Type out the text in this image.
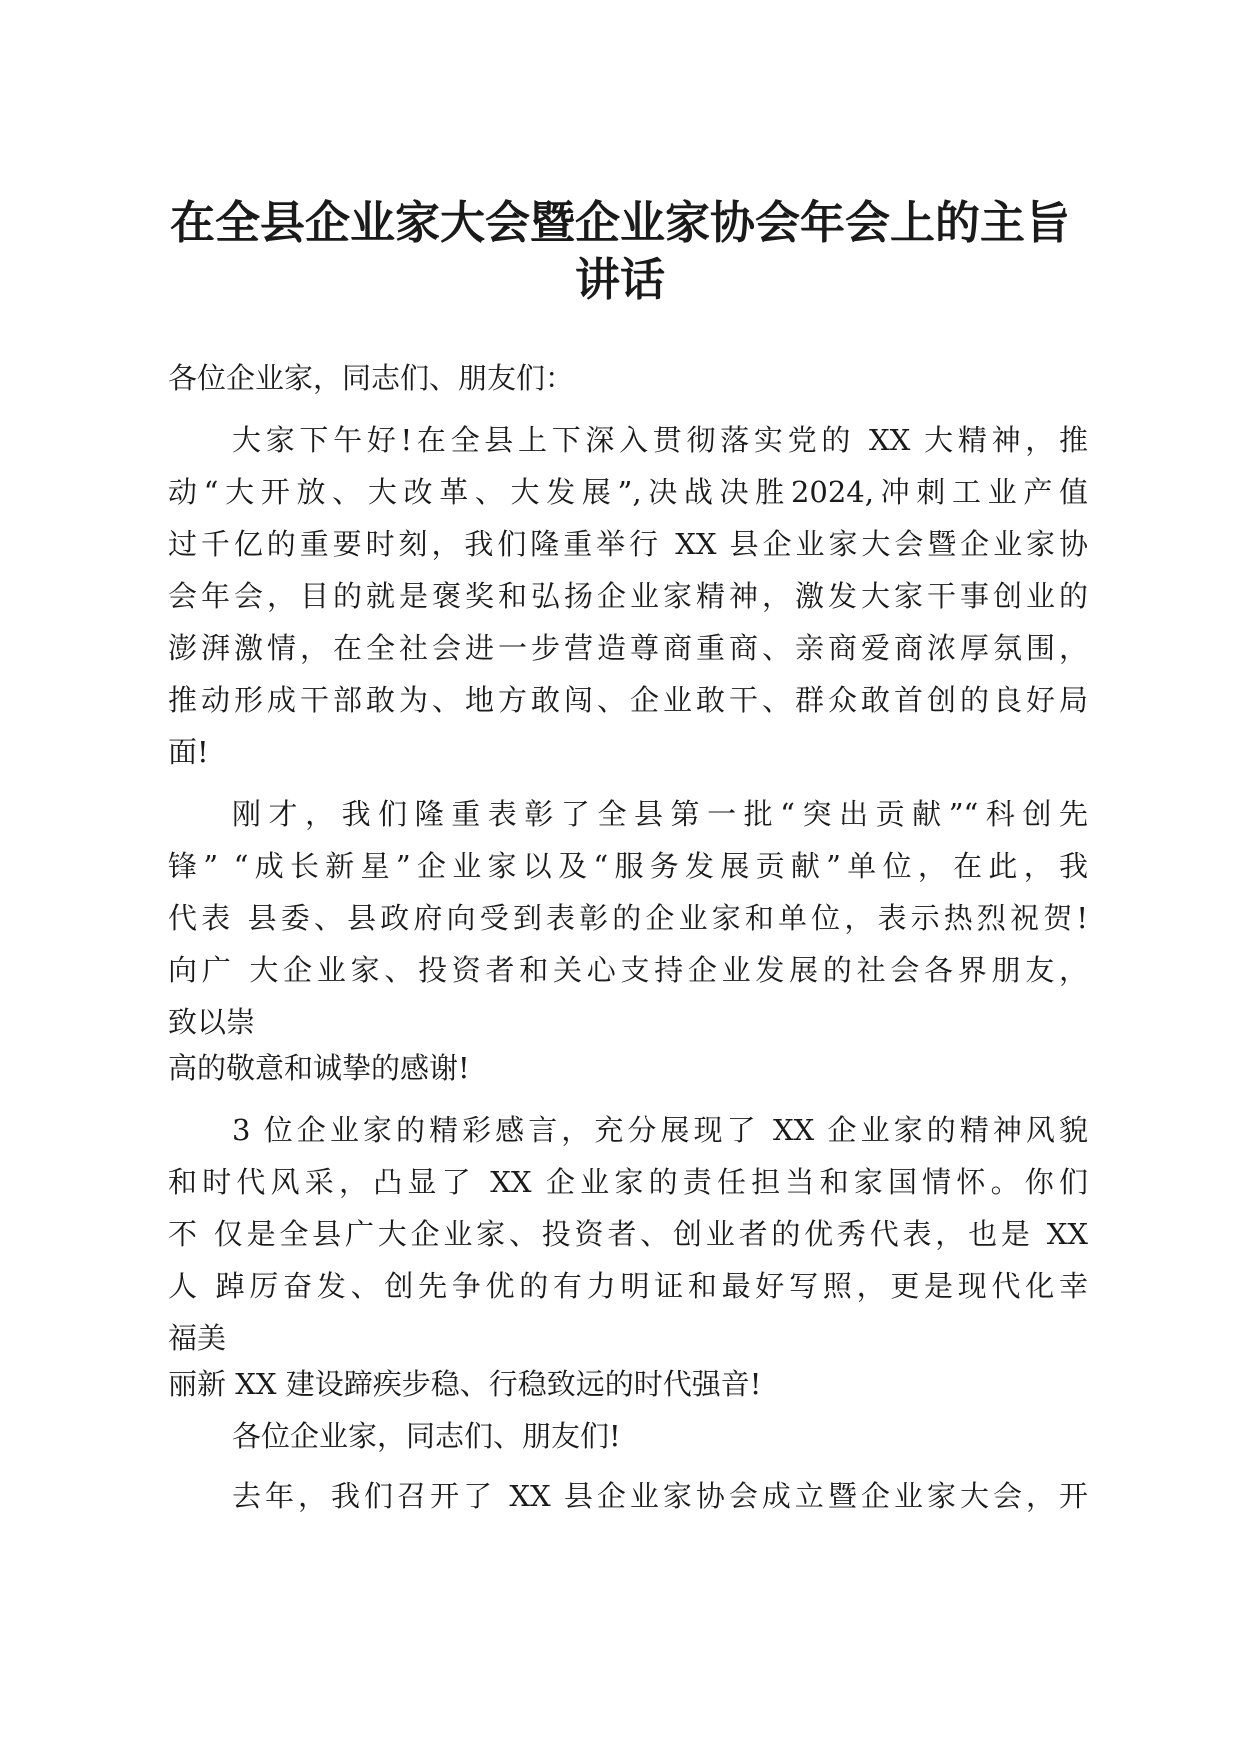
在全县企业家大会暨企业家协会年会上的主旨
讲话

各位企业家，同志们、朋友们：

大家下午好!在全县上下深入贯彻落实党的 XX 大精神，推

动“大开放、大改革、大发展”,决战决胜2024,冲刺工业产值

过千亿的重要时刻，我们隆重举行 XX 县企业家大会暨企业家协

会年会，目的就是褒奖和弘扬企业家精神，激发大家干事创业的

澎湃激情，在全社会进一步营造尊商重商、亲商爱商浓厚氛围，

推动形成干部敢为、地方敢闯、企业敢干、群众敢首创的良好局

面!

刚才，我们隆重表彰了全县第一批“突出贡献”“科创先

锋” “成长新星”企业家以及“服务发展贡献”单位，在此，我

代表 县委、县政府向受到表彰的企业家和单位，表示热烈祝贺!

向广 大企业家、投资者和关心支持企业发展的社会各界朋友，

致以崇

高的敬意和诚挚的感谢!

3 位企业家的精彩感言，充分展现了 XX 企业家的精神风貌

和时代风采，凸显了 XX 企业家的责任担当和家国情怀。你们

不 仅是全县广大企业家、投资者、创业者的优秀代表，也是 XX

人 踔厉奋发、创先争优的有力明证和最好写照，更是现代化幸

福美

丽新 XX 建设蹄疾步稳、行稳致远的时代强音!

各位企业家，同志们、朋友们!

去年，我们召开了 XX 县企业家协会成立暨企业家大会，开
